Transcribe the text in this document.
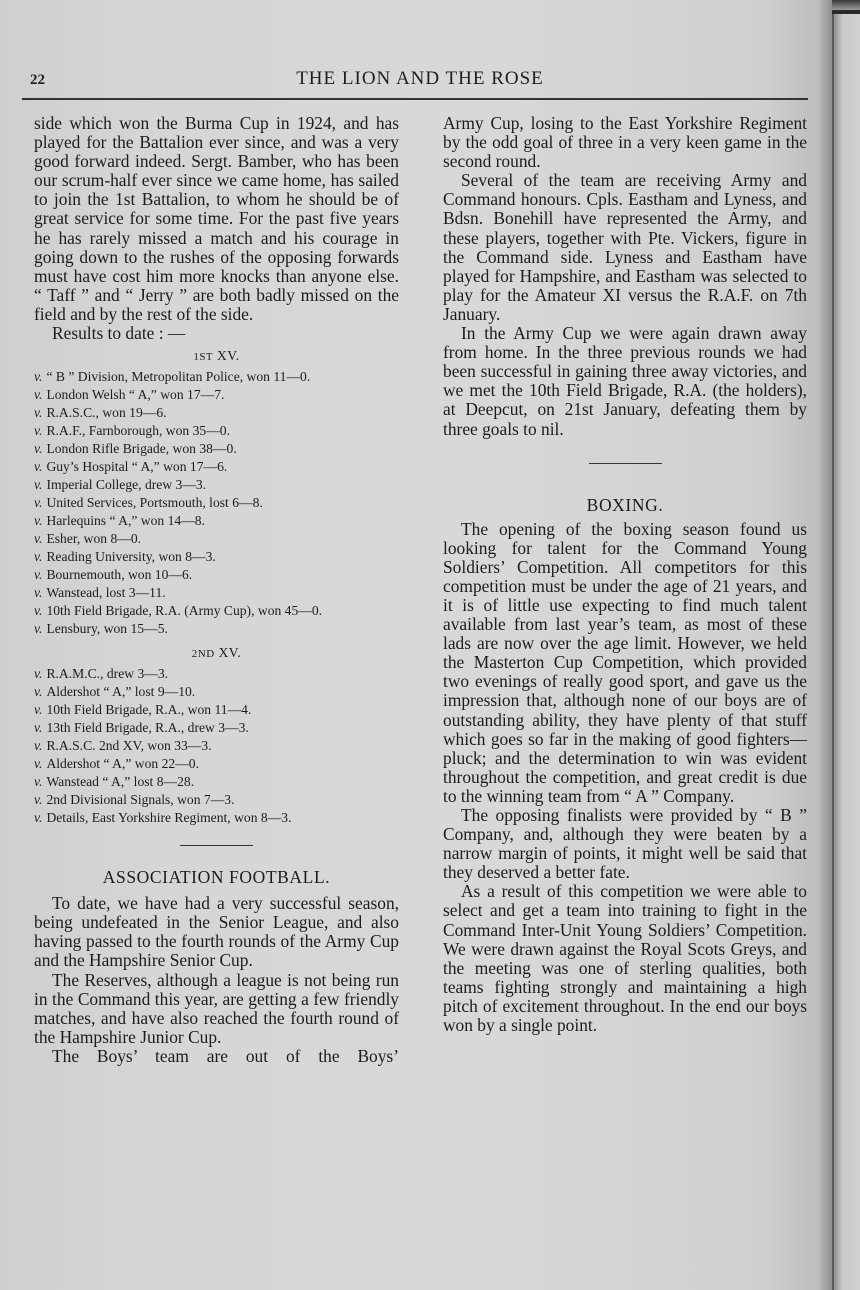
22	THE LION AND THE ROSE

side which won the Burma Cup in 1924, and has played for the Battalion ever since, and was a very good forward indeed. Sergt. Bamber, who has been our scrum-half ever since we came home, has sailed to join the 1st Battalion, to whom he should be of great service for some time. For the past five years he has rarely missed a match and his courage in going down to the rushes of the opposing forwards must have cost him more knocks than anyone else. “ Taff ” and “ Jerry ” are both badly missed on the field and by the rest of the side.

Results to date : —

1ST XV.
v. “ B ” Division, Metropolitan Police, won 11—0.
v. London Welsh “ A,” won 17—7.
v. R.A.S.C., won 19—6.
v. R.A.F., Farnborough, won 35—0.
v. London Rifle Brigade, won 38—0.
v. Guy’s Hospital “ A,” won 17—6.
v. Imperial College, drew 3—3.
v. United Services, Portsmouth, lost 6—8.
v. Harlequins “ A,” won 14—8.
v. Esher, won 8—0.
v. Reading University, won 8—3.
v. Bournemouth, won 10—6.
v. Wanstead, lost 3—11.
v. 10th Field Brigade, R.A. (Army Cup), won 45—0.
v. Lensbury, won 15—5.
2ND XV.
v. R.A.M.C., drew 3—3.
v. Aldershot “ A,” lost 9—10.
v. 10th Field Brigade, R.A., won 11—4.
v. 13th Field Brigade, R.A., drew 3—3.
v. R.A.S.C. 2nd XV, won 33—3.
v. Aldershot “ A,” won 22—0.
v. Wanstead “ A,” lost 8—28.
v. 2nd Divisional Signals, won 7—3.
v. Details, East Yorkshire Regiment, won 8—3.
ASSOCIATION FOOTBALL.

To date, we have had a very successful season, being undefeated in the Senior League, and also having passed to the fourth rounds of the Army Cup and the Hampshire Senior Cup.

The Reserves, although a league is not being run in the Command this year, are getting a few friendly matches, and have also reached the fourth round of the Hampshire Junior Cup.

The Boys’ team are out of the Boys’

Army Cup, losing to the East Yorkshire Regiment by the odd goal of three in a very keen game in the second round.

Several of the team are receiving Army and Command honours. Cpls. Eastham and Lyness, and Bdsn. Bonehill have represented the Army, and these players, together with Pte. Vickers, figure in the Command side. Lyness and Eastham have played for Hampshire, and Eastham was selected to play for the Amateur XI versus the R.A.F. on 7th January.

In the Army Cup we were again drawn away from home. In the three previous rounds we had been successful in gaining three away victories, and we met the 10th Field Brigade, R.A. (the holders), at Deepcut, on 21st January, defeating them by three goals to nil.

BOXING.

The opening of the boxing season found us looking for talent for the Command Young Soldiers’ Competition. All competitors for this competition must be under the age of 21 years, and it is of little use expecting to find much talent available from last year’s team, as most of these lads are now over the age limit. However, we held the Masterton Cup Competition, which provided two evenings of really good sport, and gave us the impression that, although none of our boys are of outstanding ability, they have plenty of that stuff which goes so far in the making of good fighters—pluck; and the determination to win was evident throughout the competition, and great credit is due to the winning team from “ A ” Company.

The opposing finalists were provided by “ B ” Company, and, although they were beaten by a narrow margin of points, it might well be said that they deserved a better fate.

As a result of this competition we were able to select and get a team into training to fight in the Command Inter-Unit Young Soldiers’ Competition. We were drawn against the Royal Scots Greys, and the meeting was one of sterling qualities, both teams fighting strongly and maintaining a high pitch of excitement throughout. In the end our boys won by a single point.
